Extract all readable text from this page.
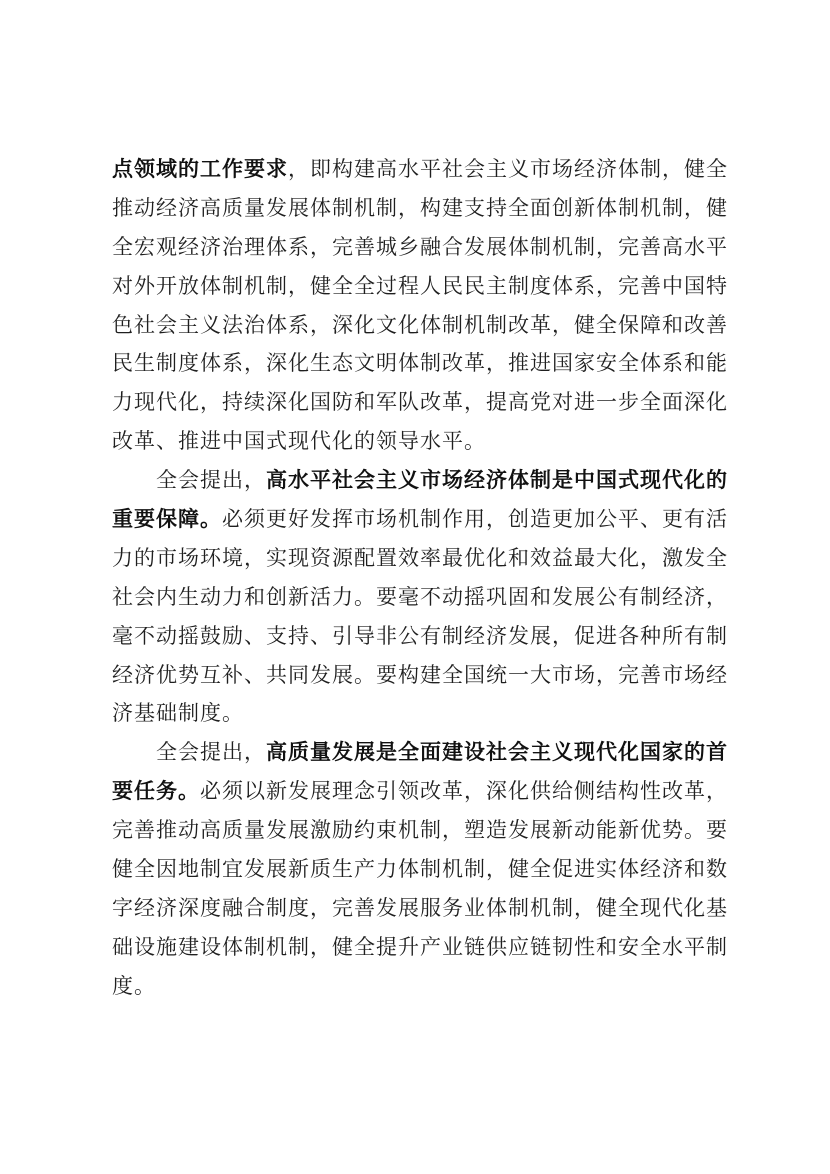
点领域的工作要求，即构建高水平社会主义市场经济体制，健全
推动经济高质量发展体制机制，构建支持全面创新体制机制，健
全宏观经济治理体系，完善城乡融合发展体制机制，完善高水平
对外开放体制机制，健全全过程人民民主制度体系，完善中国特
色社会主义法治体系，深化文化体制机制改革，健全保障和改善
民生制度体系，深化生态文明体制改革，推进国家安全体系和能
力现代化，持续深化国防和军队改革，提高党对进一步全面深化
改革、推进中国式现代化的领导水平。
全会提出，高水平社会主义市场经济体制是中国式现代化的
重要保障。必须更好发挥市场机制作用，创造更加公平、更有活
力的市场环境，实现资源配置效率最优化和效益最大化，激发全
社会内生动力和创新活力。要毫不动摇巩固和发展公有制经济，
毫不动摇鼓励、支持、引导非公有制经济发展，促进各种所有制
经济优势互补、共同发展。要构建全国统一大市场，完善市场经
济基础制度。
全会提出，高质量发展是全面建设社会主义现代化国家的首
要任务。必须以新发展理念引领改革，深化供给侧结构性改革，
完善推动高质量发展激励约束机制，塑造发展新动能新优势。要
健全因地制宜发展新质生产力体制机制，健全促进实体经济和数
字经济深度融合制度，完善发展服务业体制机制，健全现代化基
础设施建设体制机制，健全提升产业链供应链韧性和安全水平制
度。
